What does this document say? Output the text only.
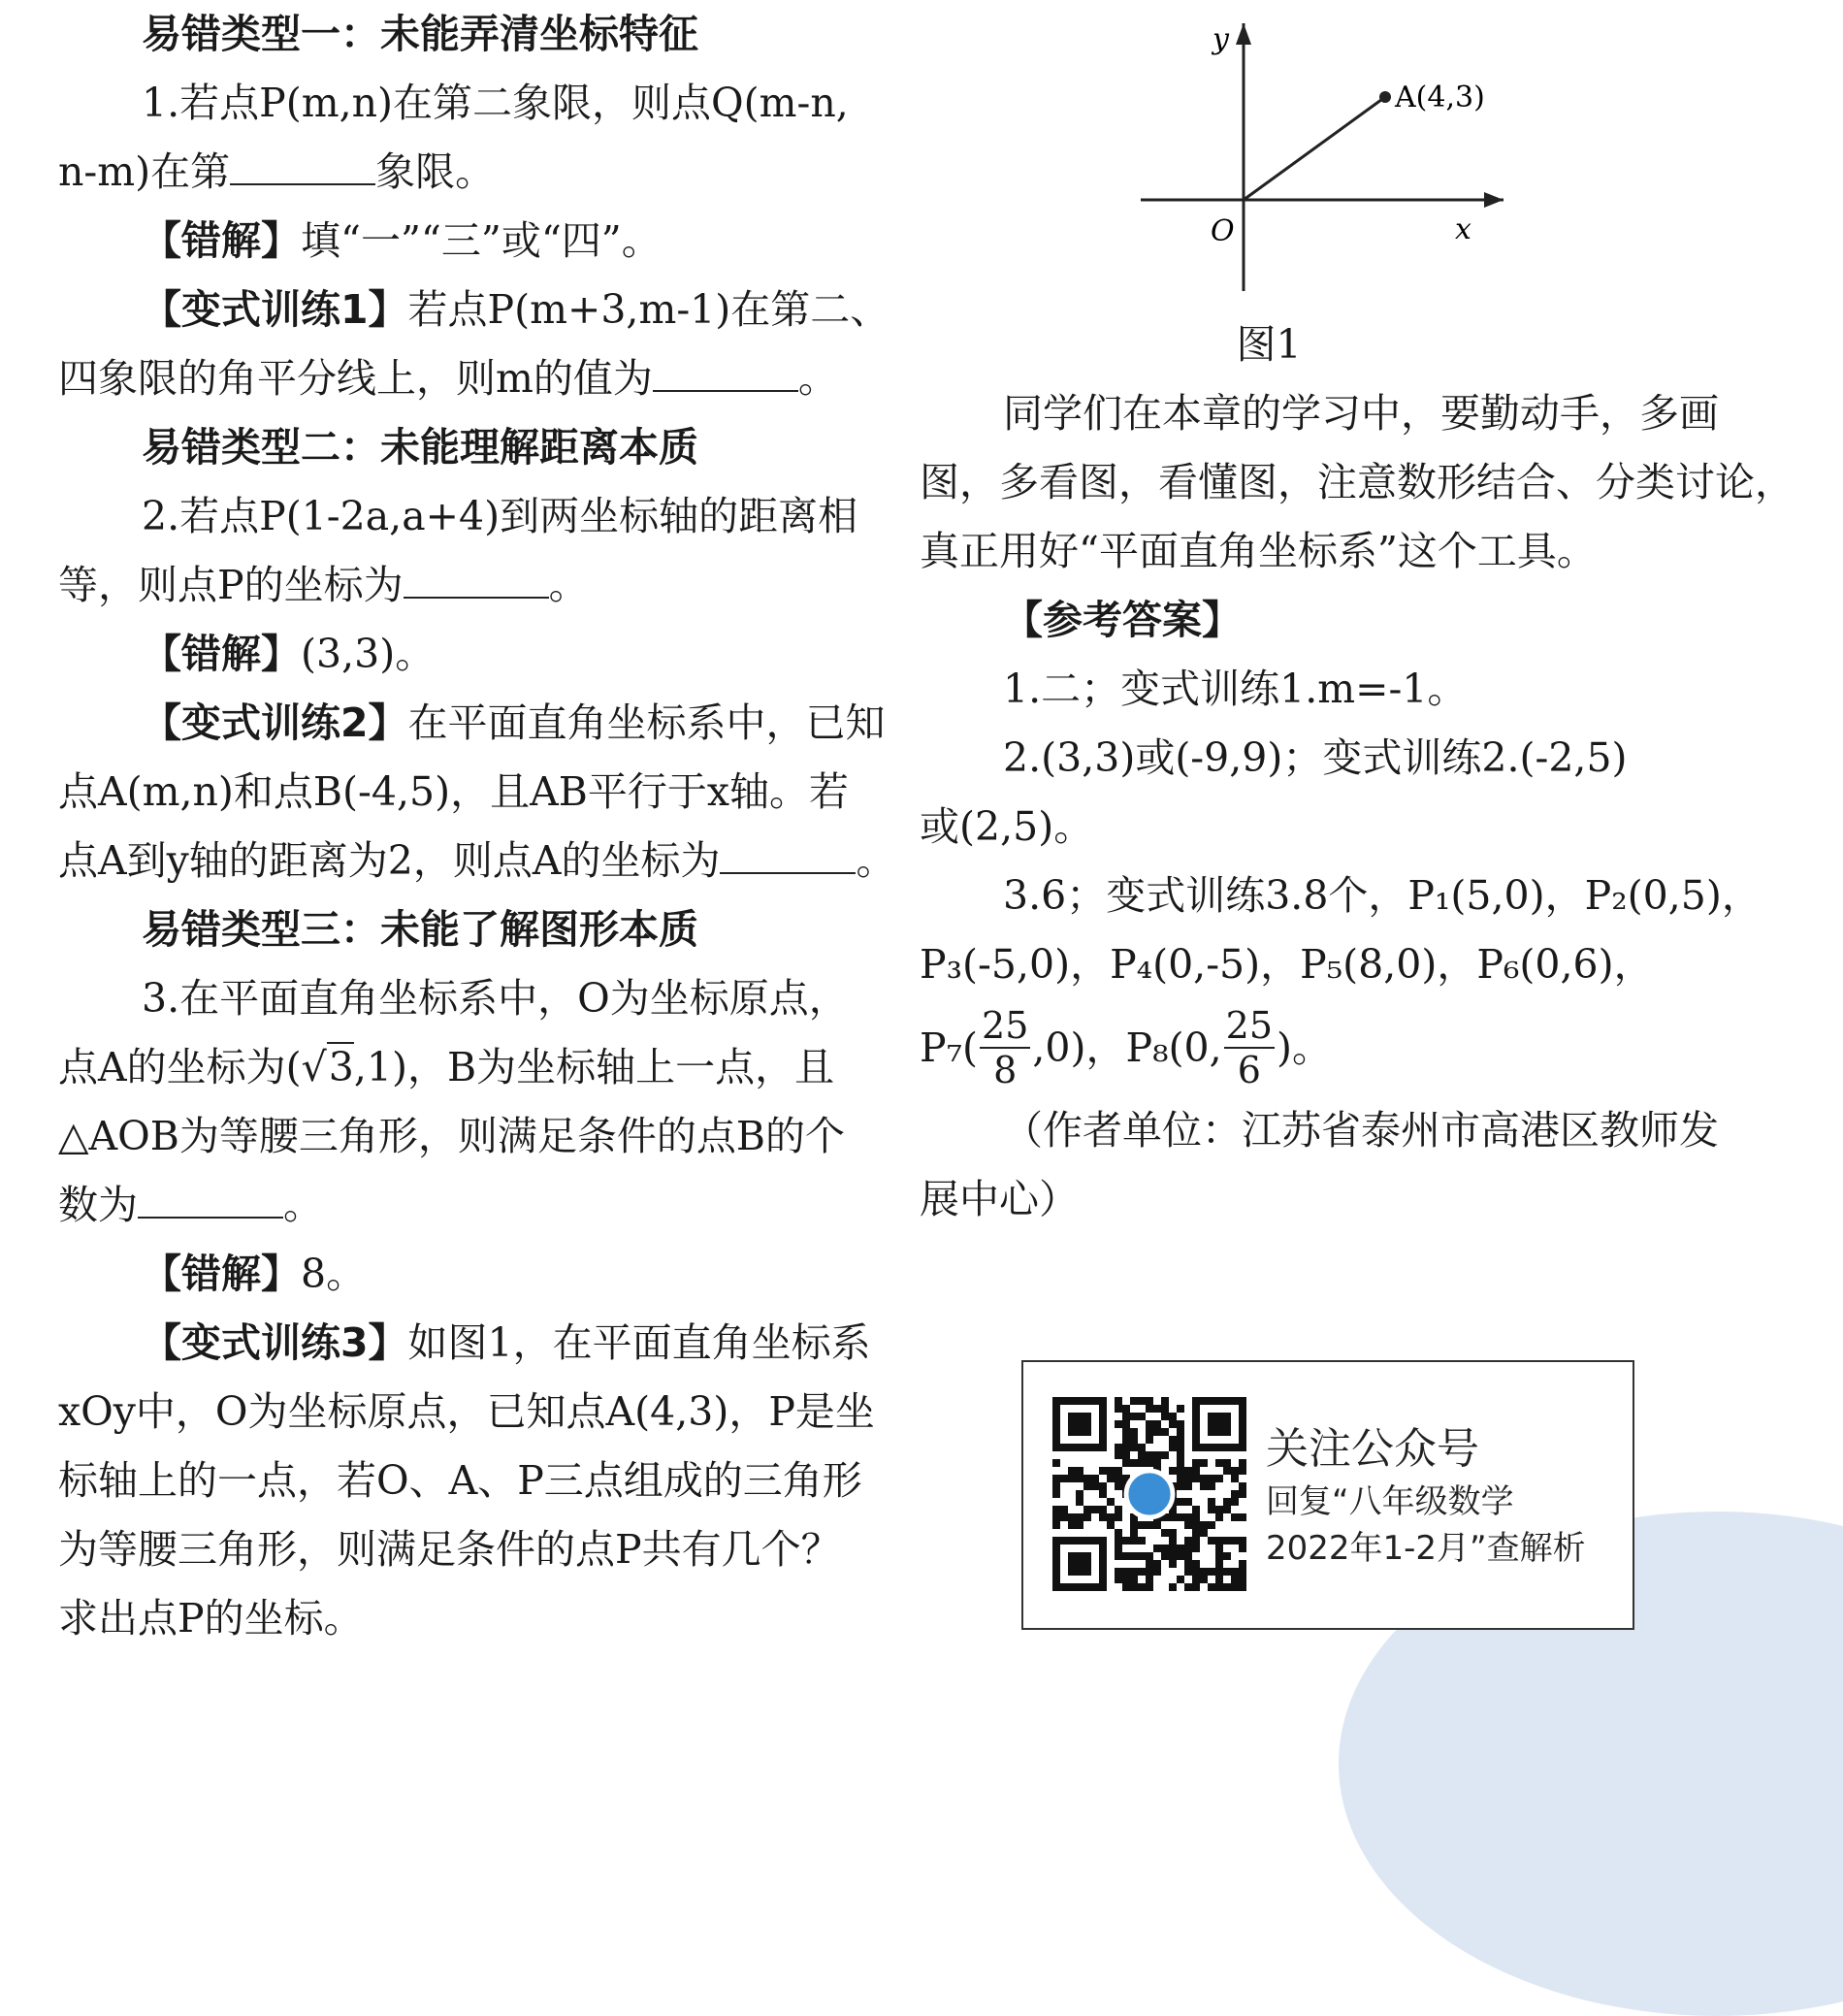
易错类型一：未能弄清坐标特征
1.若点P(m,n)在第二象限，则点Q(m-n,
n-m)在第	象限。
【错解】填“一”“三”或“四”。
【变式训练1】若点P(m+3,m-1)在第二、
四象限的角平分线上，则m的值为	。
易错类型二：未能理解距离本质
2.若点P(1-2a,a+4)到两坐标轴的距离相
等，则点P的坐标为	。
【错解】(3,3)。
【变式训练2】在平面直角坐标系中，已知
点A(m,n)和点B(-4,5)，且AB平行于x轴。若
点A到y轴的距离为2，则点A的坐标为	。
易错类型三：未能了解图形本质
3.在平面直角坐标系中，O为坐标原点，
点A的坐标为(√3,1)，B为坐标轴上一点，且
△AOB为等腰三角形，则满足条件的点B的个
数为	。
【错解】8。
【变式训练3】如图1，在平面直角坐标系
xOy中，O为坐标原点，已知点A(4,3)，P是坐
标轴上的一点，若O、A、P三点组成的三角形
为等腰三角形，则满足条件的点P共有几个？
求出点P的坐标。
y
x
O
A(4,3)
图1
同学们在本章的学习中，要勤动手，多画
图，多看图，看懂图，注意数形结合、分类讨论，
真正用好“平面直角坐标系”这个工具。
【参考答案】
1.二；变式训练1.m=-1。
2.(3,3)或(-9,9)；变式训练2.(-2,5)
或(2,5)。
3.6；变式训练3.8个，P₁(5,0)，P₂(0,5)，
P₃(-5,0)，P₄(0,-5)，P₅(8,0)，P₆(0,6)，
$P_7( \frac{25}{8} ,0)$，P₈(0, $\frac{25}{6}$ )。
（作者单位：江苏省泰州市高港区教师发
展中心）
关注公众号
回复“八年级数学
2022年1-2月”查解析
